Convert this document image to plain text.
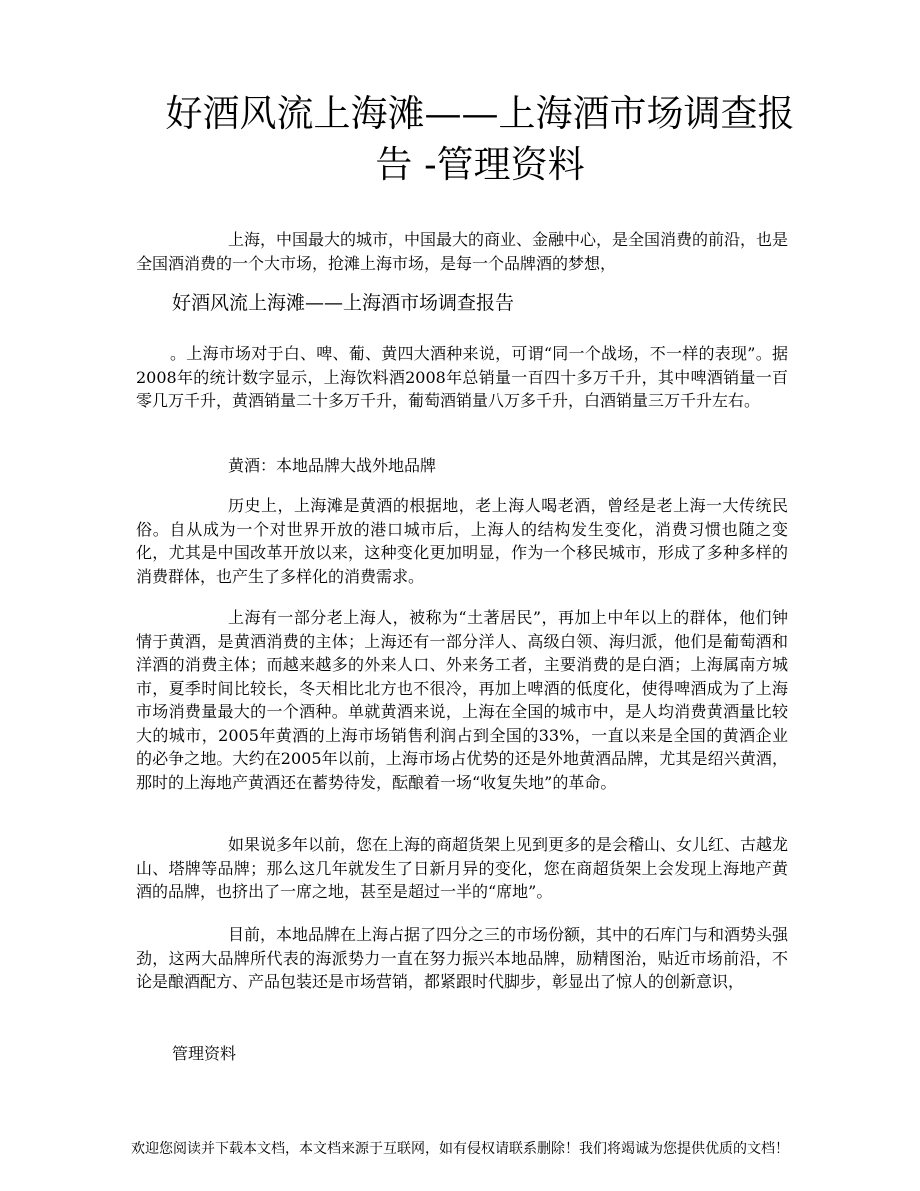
好酒风流上海滩——上海酒市场调查报告 -管理资料

上海，中国最大的城市，中国最大的商业、金融中心，是全国消费的前沿，也是全国酒消费的一个大市场，抢滩上海市场，是每一个品牌酒的梦想，

好酒风流上海滩——上海酒市场调查报告

。上海市场对于白、啤、葡、黄四大酒种来说，可谓“同一个战场，不一样的表现”。据2008年的统计数字显示，上海饮料酒2008年总销量一百四十多万千升，其中啤酒销量一百零几万千升，黄酒销量二十多万千升，葡萄酒销量八万多千升，白酒销量三万千升左右。

黄酒：本地品牌大战外地品牌

历史上，上海滩是黄酒的根据地，老上海人喝老酒，曾经是老上海一大传统民俗。自从成为一个对世界开放的港口城市后，上海人的结构发生变化，消费习惯也随之变化，尤其是中国改革开放以来，这种变化更加明显，作为一个移民城市，形成了多种多样的消费群体，也产生了多样化的消费需求。

上海有一部分老上海人，被称为“土著居民”，再加上中年以上的群体，他们钟情于黄酒，是黄酒消费的主体；上海还有一部分洋人、高级白领、海归派，他们是葡萄酒和洋酒的消费主体；而越来越多的外来人口、外来务工者，主要消费的是白酒；上海属南方城市，夏季时间比较长，冬天相比北方也不很冷，再加上啤酒的低度化，使得啤酒成为了上海市场消费量最大的一个酒种。单就黄酒来说，上海在全国的城市中，是人均消费黄酒量比较大的城市，2005年黄酒的上海市场销售利润占到全国的33%，一直以来是全国的黄酒企业的必争之地。大约在2005年以前，上海市场占优势的还是外地黄酒品牌，尤其是绍兴黄酒，那时的上海地产黄酒还在蓄势待发，酝酿着一场“收复失地”的革命。

如果说多年以前，您在上海的商超货架上见到更多的是会稽山、女儿红、古越龙山、塔牌等品牌；那么这几年就发生了日新月异的变化，您在商超货架上会发现上海地产黄酒的品牌，也挤出了一席之地，甚至是超过一半的“席地”。

目前，本地品牌在上海占据了四分之三的市场份额，其中的石库门与和酒势头强劲，这两大品牌所代表的海派势力一直在努力振兴本地品牌，励精图治，贴近市场前沿，不论是酿酒配方、产品包装还是市场营销，都紧跟时代脚步，彰显出了惊人的创新意识，

管理资料

欢迎您阅读并下载本文档，本文档来源于互联网，如有侵权请联系删除！我们将竭诚为您提供优质的文档！
